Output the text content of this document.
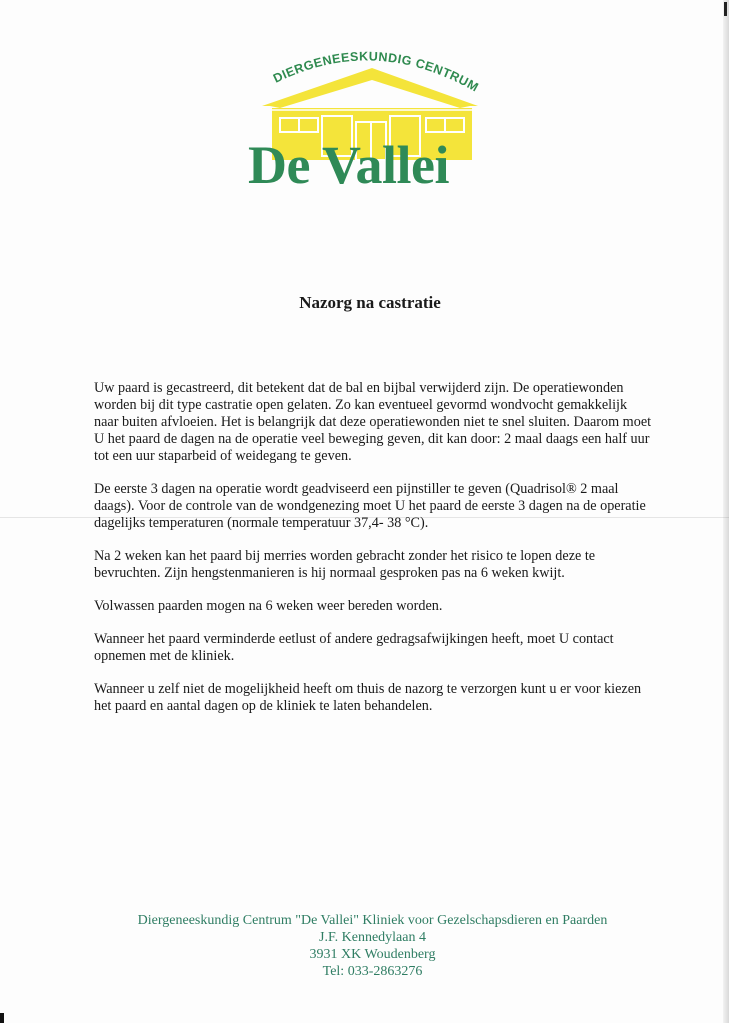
DIERGENEESKUNDIG CENTRUM
De Vallei
Nazorg na castratie

Uw paard is gecastreerd, dit betekent dat de bal en bijbal verwijderd zijn. De operatiewonden worden bij dit type castratie open gelaten. Zo kan eventueel gevormd wondvocht gemakkelijk naar buiten afvloeien. Het is belangrijk dat deze operatiewonden niet te snel sluiten. Daarom moet U het paard de dagen na de operatie veel beweging geven, dit kan door: 2 maal daags een half uur tot een uur staparbeid of weidegang te geven.

De eerste 3 dagen na operatie wordt geadviseerd een pijnstiller te geven (Quadrisol® 2 maal daags). Voor de controle van de wondgenezing moet U het paard de eerste 3 dagen na de operatie dagelijks temperaturen (normale temperatuur 37,4- 38 °C).

Na 2 weken kan het paard bij merries worden gebracht zonder het risico te lopen deze te bevruchten. Zijn hengstenmanieren is hij normaal gesproken pas na 6 weken kwijt.

Volwassen paarden mogen na 6 weken weer bereden worden.

Wanneer het paard verminderde eetlust of andere gedragsafwijkingen heeft, moet U contact opnemen met de kliniek.

Wanneer u zelf niet de mogelijkheid heeft om thuis de nazorg te verzorgen kunt u er voor kiezen het paard en aantal dagen op de kliniek te laten behandelen.

Diergeneeskundig Centrum "De Vallei" Kliniek voor Gezelschapsdieren en Paarden
J.F. Kennedylaan 4
3931 XK Woudenberg
Tel: 033-2863276
